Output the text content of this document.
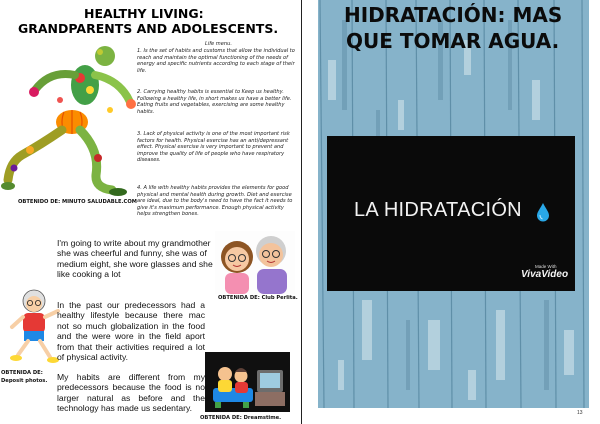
HEALTHY LIVING:
GRANDPARENTS AND ADOLESCENTS.
OBTENIDO DE: MINUTO SALUDABLE.COM
Life menu.
1. Is the set of habits and customs that allow the individual to reach and maintain the optimal functioning of the needs of energy and specific nutrients according to each stage of their life.
2. Carrying healthy habits is essential to Keep us healthy. Following a healthy life, in short makes us have a better life. Eating fruits and vegetables, exercising are some healthy habits.
3. Lack of physical activity is one of the most important risk factors for health. Physical exercise has an anti/depressant effect. Physical exercise is very important to prevent and improve the quality of life of people who have respiratory diseases.
4. A life with healthy habits provides the elements for good physical and mental health during growth. Diet and exercise are ideal, due to the body's need to have the fact it needs to give it's maximum performance. Enough physical activity helps strengthen bones.
I'm going to write about my grandmother she was cheerful and funny, she was of medium eight, she wore glasses and she like cooking a lot
OBTENIDA DE: Club Perlita.
OBTENIDA DE:
Deposit photos.
In the past our predecessors had a healthy lifestyle because there mac not so much globalization in the food and the were wore in the field aport from that their activities required a lot of physical activity.
My habits are different from my predecessors because the food is no larger natural as before and the technology has made us sedentary.
OBTENIDA DE: Dreamstime.
HIDRATACIÓN: MAS
QUE TOMAR AGUA.
LA HIDRATACIÓN
Made With
VivaVideo
13
